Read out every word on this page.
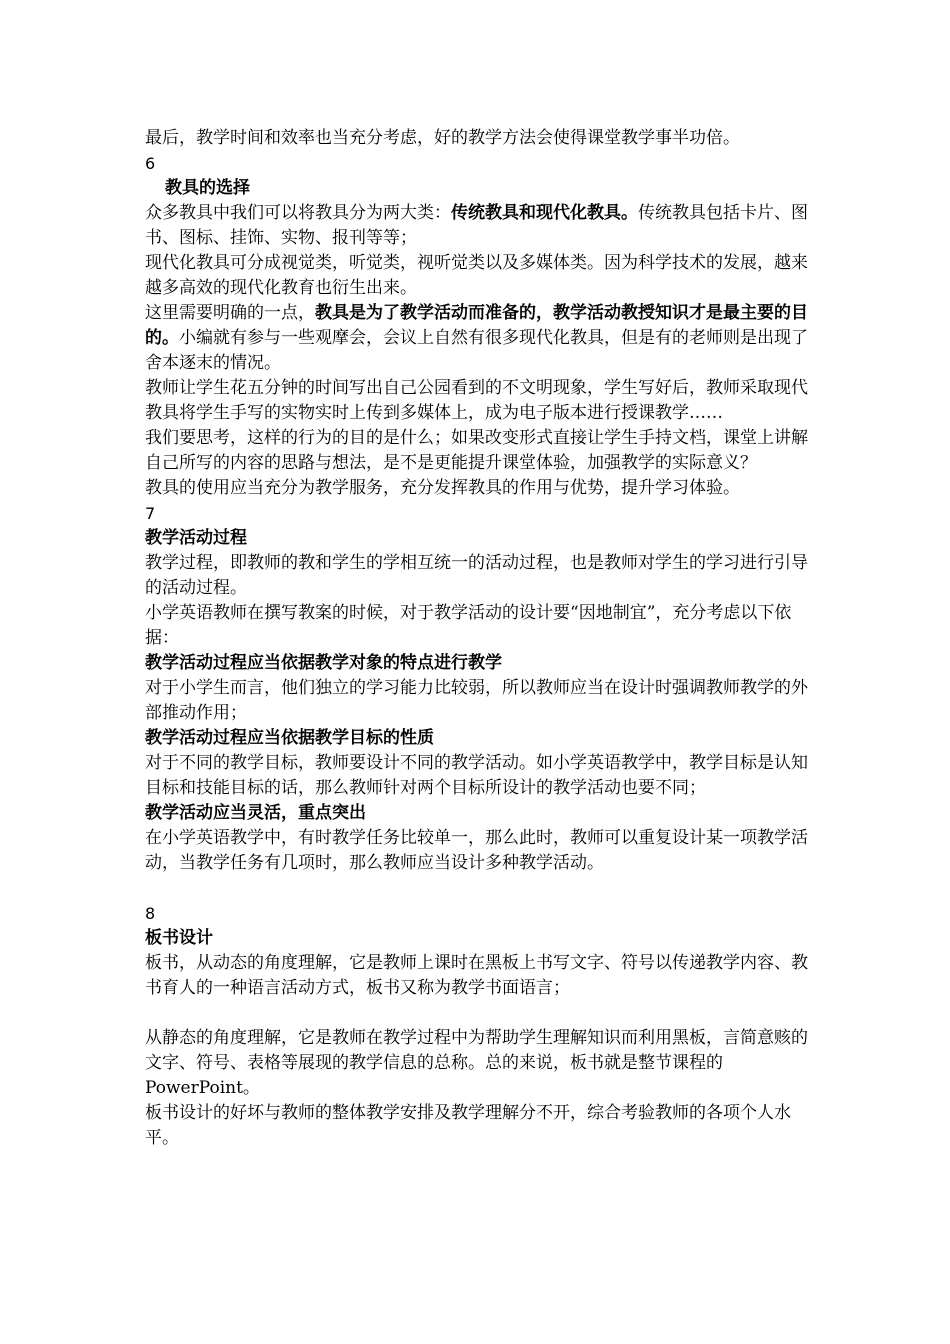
最后，教学时间和效率也当充分考虑，好的教学方法会使得课堂教学事半功倍。

6

教具的选择

众多教具中我们可以将教具分为两大类：传统教具和现代化教具。传统教具包括卡片、图书、图标、挂饰、实物、报刊等等；

现代化教具可分成视觉类，听觉类，视听觉类以及多媒体类。因为科学技术的发展，越来越多高效的现代化教育也衍生出来。

这里需要明确的一点，教具是为了教学活动而准备的，教学活动教授知识才是最主要的目的。小编就有参与一些观摩会，会议上自然有很多现代化教具，但是有的老师则是出现了舍本逐末的情况。

教师让学生花五分钟的时间写出自己公园看到的不文明现象，学生写好后，教师采取现代教具将学生手写的实物实时上传到多媒体上，成为电子版本进行授课教学……

我们要思考，这样的行为的目的是什么；如果改变形式直接让学生手持文档，课堂上讲解自己所写的内容的思路与想法，是不是更能提升课堂体验，加强教学的实际意义？

教具的使用应当充分为教学服务，充分发挥教具的作用与优势，提升学习体验。

7

教学活动过程

教学过程，即教师的教和学生的学相互统一的活动过程，也是教师对学生的学习进行引导的活动过程。

小学英语教师在撰写教案的时候，对于教学活动的设计要“因地制宜”，充分考虑以下依据：

教学活动过程应当依据教学对象的特点进行教学

对于小学生而言，他们独立的学习能力比较弱，所以教师应当在设计时强调教师教学的外部推动作用；

教学活动过程应当依据教学目标的性质

对于不同的教学目标，教师要设计不同的教学活动。如小学英语教学中，教学目标是认知目标和技能目标的话，那么教师针对两个目标所设计的教学活动也要不同；

教学活动应当灵活，重点突出

在小学英语教学中，有时教学任务比较单一，那么此时，教师可以重复设计某一项教学活动，当教学任务有几项时，那么教师应当设计多种教学活动。

8

板书设计

板书，从动态的角度理解，它是教师上课时在黑板上书写文字、符号以传递教学内容、教书育人的一种语言活动方式，板书又称为教学书面语言；

从静态的角度理解，它是教师在教学过程中为帮助学生理解知识而利用黑板，言简意赅的文字、符号、表格等展现的教学信息的总称。总的来说，板书就是整节课程的PowerPoint。

板书设计的好坏与教师的整体教学安排及教学理解分不开，综合考验教师的各项个人水平。
